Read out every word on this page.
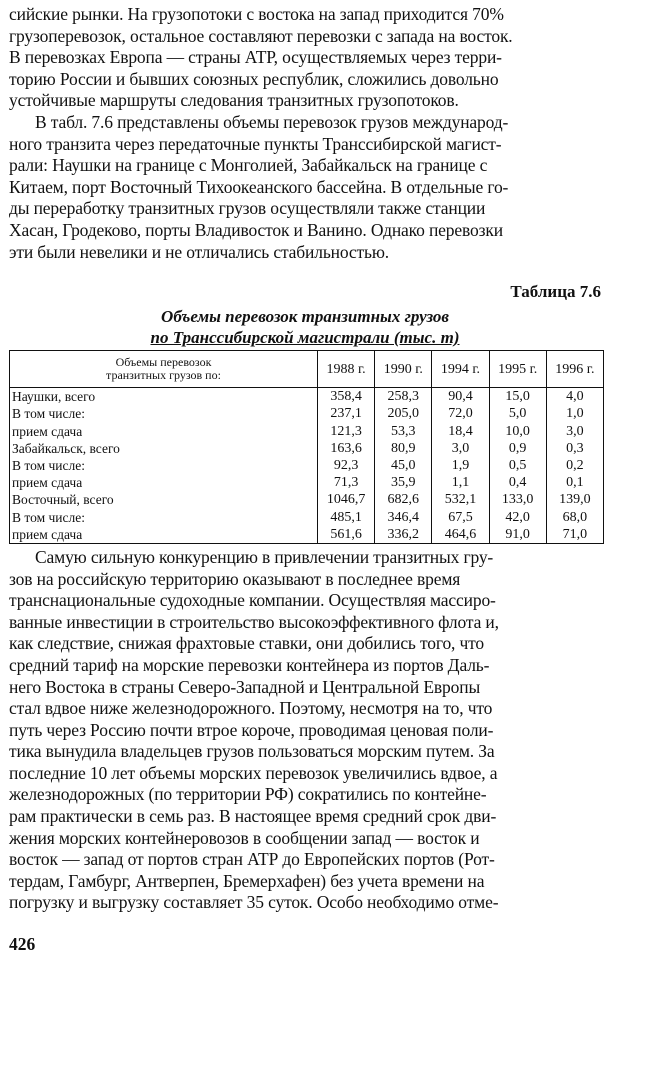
сийские рынки. На грузопотоки с востока на запад приходится 70%
грузоперевозок, остальное составляют перевозки с запада на восток.
В перевозках Европа — страны АТР, осуществляемых через терри-
торию России и бывших союзных республик, сложились довольно
устойчивые маршруты следования транзитных грузопотоков.

В табл. 7.6 представлены объемы перевозок грузов международ-
ного транзита через передаточные пункты Транссибирской магист-
рали: Наушки на границе с Монголией, Забайкальск на границе с
Китаем, порт Восточный Тихоокеанского бассейна. В отдельные го-
ды переработку транзитных грузов осуществляли также станции
Хасан, Гродеково, порты Владивосток и Ванино. Однако перевозки
эти были невелики и не отличались стабильностью.

Таблица 7.6
Объемы перевозок транзитных грузов
по Транссибирской магистрали (тыс. т)
Объемы перевозок
транзитных грузов по:	1988 г.	1990 г.	1994 г.	1995 г.	1996 г.
Наушки, всего	358,4	258,3	90,4	15,0	4,0
В том числе:	237,1	205,0	72,0	5,0	1,0
прием сдача	121,3	53,3	18,4	10,0	3,0
Забайкальск, всего	163,6	80,9	3,0	0,9	0,3
В том числе:	92,3	45,0	1,9	0,5	0,2
прием сдача	71,3	35,9	1,1	0,4	0,1
Восточный, всего	1046,7	682,6	532,1	133,0	139,0
В том числе:	485,1	346,4	67,5	42,0	68,0
прием сдача	561,6	336,2	464,6	91,0	71,0

Самую сильную конкуренцию в привлечении транзитных гру-
зов на российскую территорию оказывают в последнее время
транснациональные судоходные компании. Осуществляя массиро-
ванные инвестиции в строительство высокоэффективного флота и,
как следствие, снижая фрахтовые ставки, они добились того, что
средний тариф на морские перевозки контейнера из портов Даль-
него Востока в страны Северо-Западной и Центральной Европы
стал вдвое ниже железнодорожного. Поэтому, несмотря на то, что
путь через Россию почти втрое короче, проводимая ценовая поли-
тика вынудила владельцев грузов пользоваться морским путем. За
последние 10 лет объемы морских перевозок увеличились вдвое, а
железнодорожных (по территории РФ) сократились по контейне-
рам практически в семь раз. В настоящее время средний срок дви-
жения морских контейнеровозов в сообщении запад — восток и
восток — запад от портов стран АТР до Европейских портов (Рот-
тердам, Гамбург, Антверпен, Бремерхафен) без учета времени на
погрузку и выгрузку составляет 35 суток. Особо необходимо отме-

426
